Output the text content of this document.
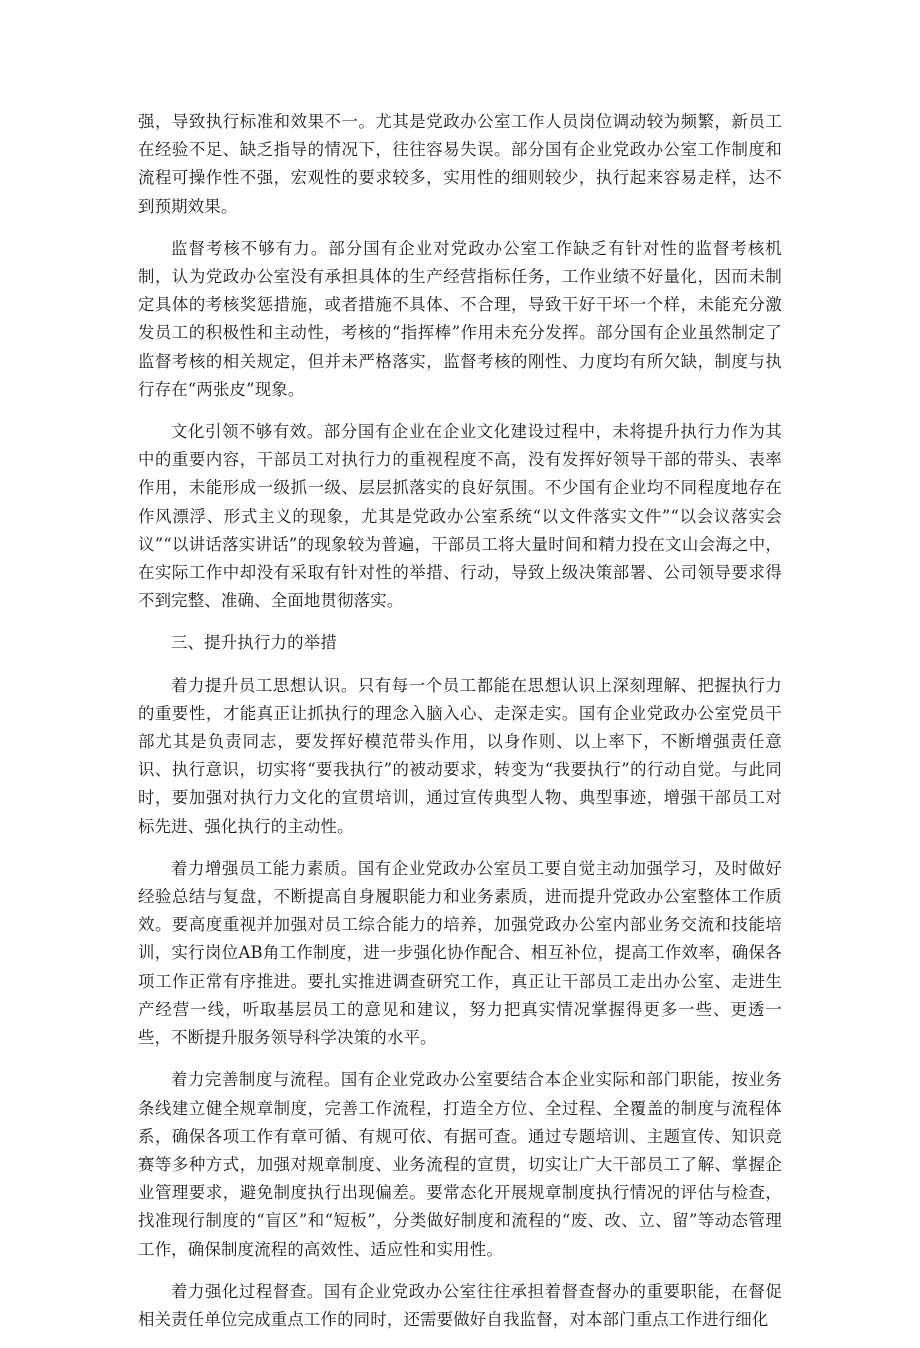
强，导致执行标准和效果不一。尤其是党政办公室工作人员岗位调动较为频繁，新员工在经验不足、缺乏指导的情况下，往往容易失误。部分国有企业党政办公室工作制度和流程可操作性不强，宏观性的要求较多，实用性的细则较少，执行起来容易走样，达不到预期效果。

监督考核不够有力。部分国有企业对党政办公室工作缺乏有针对性的监督考核机制，认为党政办公室没有承担具体的生产经营指标任务，工作业绩不好量化，因而未制定具体的考核奖惩措施，或者措施不具体、不合理，导致干好干坏一个样，未能充分激发员工的积极性和主动性，考核的“指挥棒”作用未充分发挥。部分国有企业虽然制定了监督考核的相关规定，但并未严格落实，监督考核的刚性、力度均有所欠缺，制度与执行存在“两张皮”现象。

文化引领不够有效。部分国有企业在企业文化建设过程中，未将提升执行力作为其中的重要内容，干部员工对执行力的重视程度不高，没有发挥好领导干部的带头、表率作用，未能形成一级抓一级、层层抓落实的良好氛围。不少国有企业均不同程度地存在作风漂浮、形式主义的现象，尤其是党政办公室系统“以文件落实文件”“以会议落实会议”“以讲话落实讲话”的现象较为普遍，干部员工将大量时间和精力投在文山会海之中，在实际工作中却没有采取有针对性的举措、行动，导致上级决策部署、公司领导要求得不到完整、准确、全面地贯彻落实。

三、提升执行力的举措

着力提升员工思想认识。只有每一个员工都能在思想认识上深刻理解、把握执行力的重要性，才能真正让抓执行的理念入脑入心、走深走实。国有企业党政办公室党员干部尤其是负责同志，要发挥好模范带头作用，以身作则、以上率下，不断增强责任意识、执行意识，切实将“要我执行”的被动要求，转变为“我要执行”的行动自觉。与此同时，要加强对执行力文化的宣贯培训，通过宣传典型人物、典型事迹，增强干部员工对标先进、强化执行的主动性。

着力增强员工能力素质。国有企业党政办公室员工要自觉主动加强学习，及时做好经验总结与复盘，不断提高自身履职能力和业务素质，进而提升党政办公室整体工作质效。要高度重视并加强对员工综合能力的培养，加强党政办公室内部业务交流和技能培训，实行岗位AB角工作制度，进一步强化协作配合、相互补位，提高工作效率，确保各项工作正常有序推进。要扎实推进调查研究工作，真正让干部员工走出办公室、走进生产经营一线，听取基层员工的意见和建议，努力把真实情况掌握得更多一些、更透一些，不断提升服务领导科学决策的水平。

着力完善制度与流程。国有企业党政办公室要结合本企业实际和部门职能，按业务条线建立健全规章制度，完善工作流程，打造全方位、全过程、全覆盖的制度与流程体系，确保各项工作有章可循、有规可依、有据可查。通过专题培训、主题宣传、知识竞赛等多种方式，加强对规章制度、业务流程的宣贯，切实让广大干部员工了解、掌握企业管理要求，避免制度执行出现偏差。要常态化开展规章制度执行情况的评估与检查，找准现行制度的“盲区”和“短板”，分类做好制度和流程的“废、改、立、留”等动态管理工作，确保制度流程的高效性、适应性和实用性。

着力强化过程督查。国有企业党政办公室往往承担着督查督办的重要职能，在督促相关责任单位完成重点工作的同时，还需要做好自我监督，对本部门重点工作进行细化
